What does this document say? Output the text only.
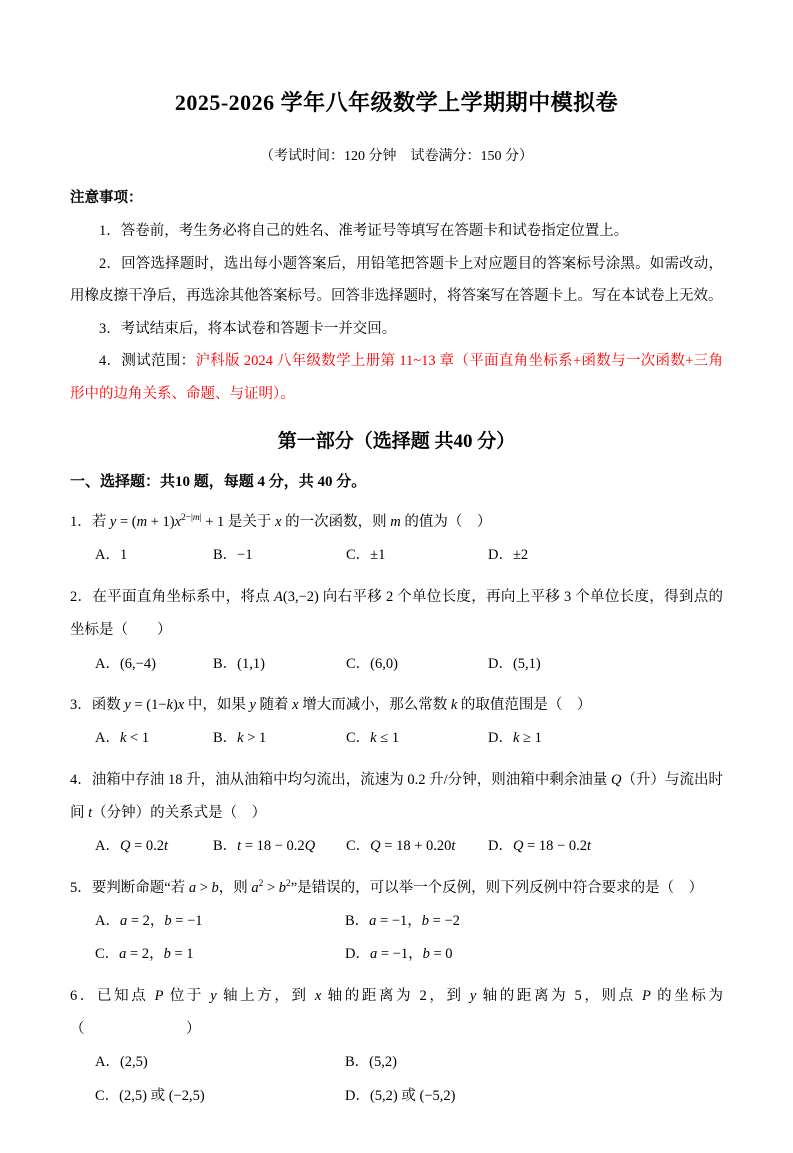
2025-2026 学年八年级数学上学期期中模拟卷

（考试时间：120 分钟　试卷满分：150 分）

注意事项：

1．答卷前，考生务必将自己的姓名、准考证号等填写在答题卡和试卷指定位置上。

2．回答选择题时，选出每小题答案后，用铅笔把答题卡上对应题目的答案标号涂黑。如需改动，用橡皮擦干净后，再选涂其他答案标号。回答非选择题时，将答案写在答题卡上。写在本试卷上无效。

3．考试结束后，将本试卷和答题卡一并交回。

4．测试范围：沪科版 2024 八年级数学上册第 11~13 章（平面直角坐标系+函数与一次函数+三角形中的边角关系、命题、与证明）。

第一部分（选择题 共40 分）

一、选择题：共10 题，每题 4 分，共 40 分。

1．若 $y = (m + 1)x^{2-|m|} + 1$ 是关于 x 的一次函数，则 m 的值为（　）
A．1	B．−1	C．±1	D．±2
2．在平面直角坐标系中，将点 A(3,−2) 向右平移 2 个单位长度，再向上平移 3 个单位长度，得到点的坐标是（　　）
A．(6,−4)	B．(1,1)	C．(6,0)	D．(5,1)
3．函数 y = (1−k)x 中，如果 y 随着 x 增大而减小，那么常数 k 的取值范围是（　）
A．k < 1	B．k > 1	C．k ≤ 1	D．k ≥ 1
4．油箱中存油 18 升，油从油箱中均匀流出，流速为 0.2 升/分钟，则油箱中剩余油量 Q（升）与流出时间 t（分钟）的关系式是（　）
A．Q = 0.2t	B．t = 18 − 0.2Q	C．Q = 18 + 0.20t	D．Q = 18 − 0.2t
5．要判断命题“若 a > b，则 $a^2 > b^2$”是错误的，可以举一个反例，则下列反例中符合要求的是（　）
A．a = 2，b = −1	B．a = −1，b = −2
C．a = 2，b = 1	D．a = −1，b = 0
6．已知点 P 位于 y 轴上方，到 x 轴的距离为 2，到 y 轴的距离为 5，则点 P 的坐标为（　　　　　　　）
A．(2,5)	B．(5,2)
C．(2,5) 或 (−2,5)	D．(5,2) 或 (−5,2)
